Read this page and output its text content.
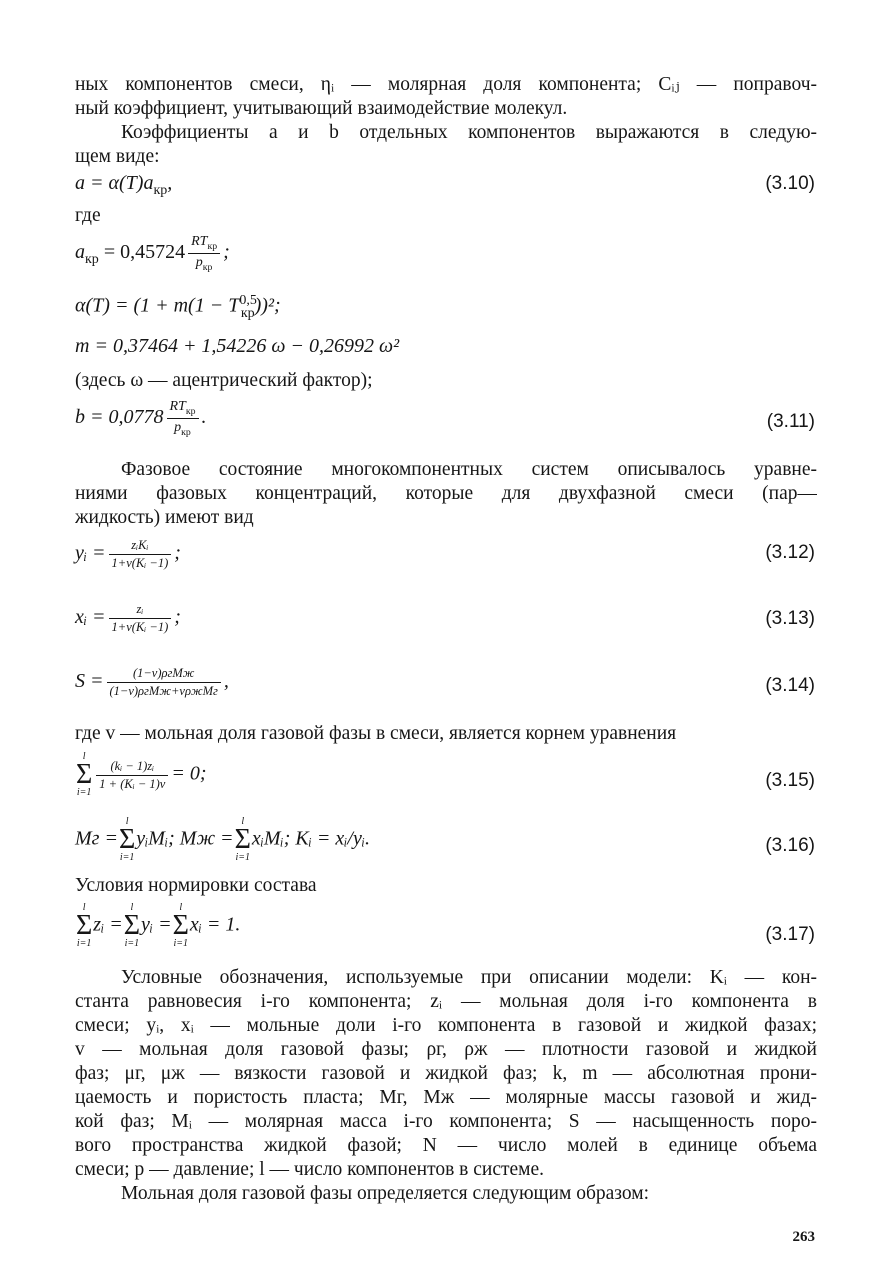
ных компонентов смеси, ηᵢ — молярная доля компонента; Cᵢⱼ — поправоч-
ный коэффициент, учитывающий взаимодействие молекул.
Коэффициенты a и b отдельных компонентов выражаются в следую-
щем виде:
$a = \alpha(T)a_{кр}$,	(3.10)
где
$a_{кр} = 0,45724 \frac{RT_{кр}}{p_{кр}}$ ;
α(T) = (1 + m(1 − T$^{0,5}_{кр}$))²;
m = 0,37464 + 1,54226 ω − 0,26992 ω²
(здесь ω — ацентрический фактор);
$b = 0,0778 \frac{RT_{кр}}{p_{кр}}$ .	(3.11)
Фазовое состояние многокомпонентных систем описывалось уравне-
ниями фазовых концентраций, которые для двухфазной смеси (пар—
жидкость) имеют вид
yᵢ = $\frac{\text{zᵢKᵢ}}{\text{1+v(Kᵢ −1)}}$ ;	(3.12)
xᵢ = $\frac{\text{zᵢ}}{\text{1+v(Kᵢ −1)}}$ ;	(3.13)
$S = \frac{\text{(1−v)ρгMж}}{\text{(1−v)ρгMж+vρжMг}}$ ,	(3.14)
где v — мольная доля газовой фазы в смеси, является корнем уравнения
l
Σ
i=1
$\frac{\text{(kᵢ − 1)zᵢ}}{\text{1 + (Kᵢ − 1)v}} = 0$;	(3.15)
Mг =
l
Σ
i=1
yᵢMᵢ; Mж =
l
Σ
i=1
xᵢMᵢ; Kᵢ = xᵢ/yᵢ.	(3.16)
Условия нормировки состава
l
Σ
i=1
zᵢ =
l
Σ
i=1
yᵢ =
l
Σ
i=1
xᵢ = 1.	(3.17)
Условные обозначения, используемые при описании модели: Kᵢ — кон-
станта равновесия i-го компонента; zᵢ — мольная доля i-го компонента в
смеси; yᵢ, xᵢ — мольные доли i-го компонента в газовой и жидкой фазах;
v — мольная доля газовой фазы; ρг, ρж — плотности газовой и жидкой
фаз; μг, μж — вязкости газовой и жидкой фаз; k, m — абсолютная прони-
цаемость и пористость пласта; Mг, Mж — молярные массы газовой и жид-
кой фаз; Mᵢ — молярная масса i-го компонента; S — насыщенность поро-
вого пространства жидкой фазой; N — число молей в единице объема
смеси; p — давление; l — число компонентов в системе.
Мольная доля газовой фазы определяется следующим образом:
263
